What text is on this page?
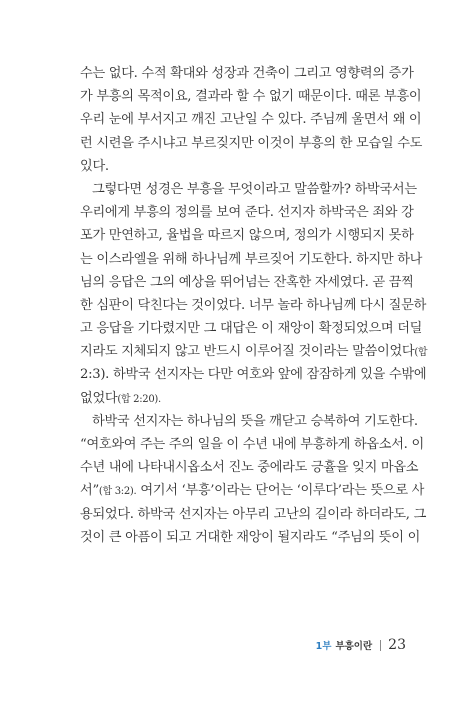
수는 없다. 수적 확대와 성장과 건축이 그리고 영향력의 증가
가 부흥의 목적이요, 결과라 할 수 없기 때문이다. 때론 부흥이
우리 눈에 부서지고 깨진 고난일 수 있다. 주님께 울면서 왜 이
런 시련을 주시냐고 부르짖지만 이것이 부흥의 한 모습일 수도
있다.
그렇다면 성경은 부흥을 무엇이라고 말씀할까? 하박국서는
우리에게 부흥의 정의를 보여 준다. 선지자 하박국은 죄와 강
포가 만연하고, 율법을 따르지 않으며, 정의가 시행되지 못하
는 이스라엘을 위해 하나님께 부르짖어 기도한다. 하지만 하나
님의 응답은 그의 예상을 뛰어넘는 잔혹한 자세였다. 곧 끔찍
한 심판이 닥친다는 것이었다. 너무 놀라 하나님께 다시 질문하
고 응답을 기다렸지만 그 대답은 이 재앙이 확정되었으며 더딜
지라도 지체되지 않고 반드시 이루어질 것이라는 말씀이었다(합
2:3). 하박국 선지자는 다만 여호와 앞에 잠잠하게 있을 수밖에
없었다(합 2:20).
하박국 선지자는 하나님의 뜻을 깨닫고 승복하여 기도한다.
“여호와여 주는 주의 일을 이 수년 내에 부흥하게 하옵소서. 이
수년 내에 나타내시옵소서 진노 중에라도 긍휼을 잊지 마옵소
서”(합 3:2). 여기서 ‘부흥’이라는 단어는 ‘이루다’라는 뜻으로 사
용되었다. 하박국 선지자는 아무리 고난의 길이라 하더라도, 그
것이 큰 아픔이 되고 거대한 재앙이 될지라도 “주님의 뜻이 이
1부 부흥이란 23
